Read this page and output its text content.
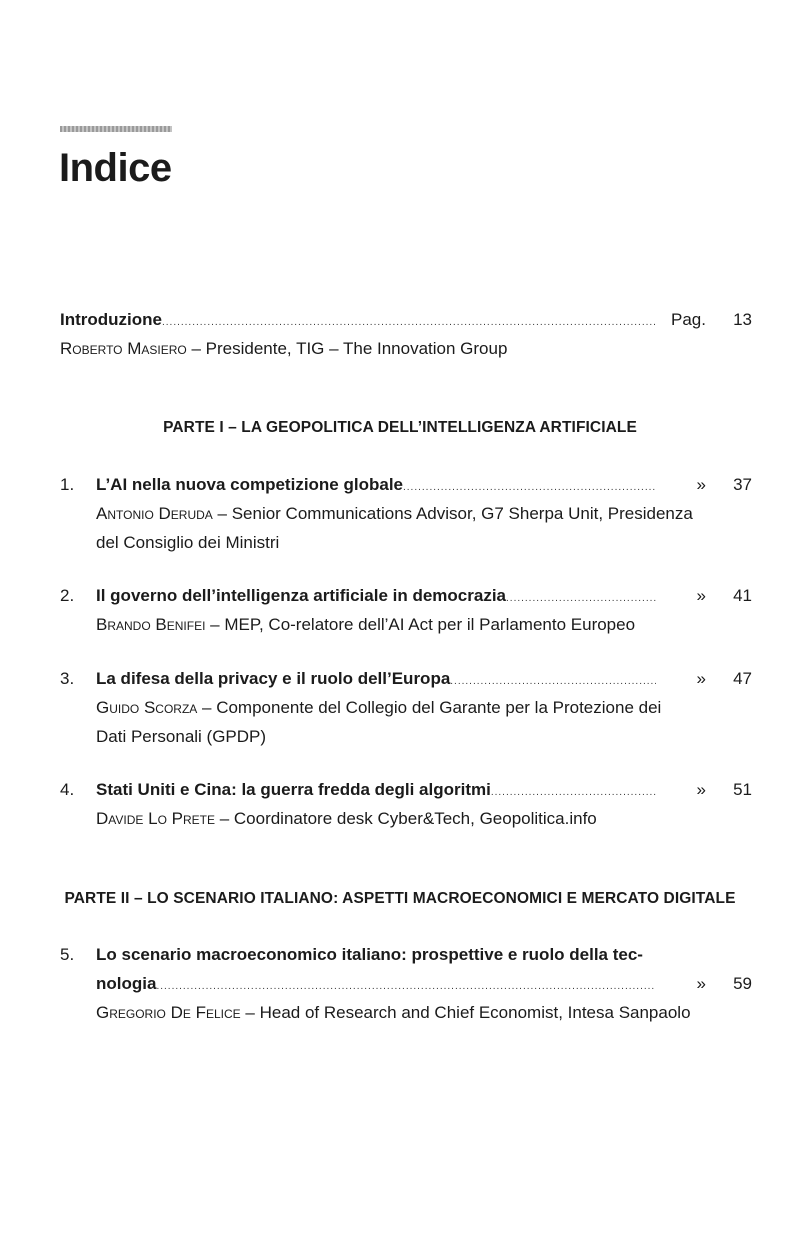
Indice
Introduzione .....	Pag. 13
Roberto Masiero – Presidente, TIG – The Innovation Group
PARTE I – LA GEOPOLITICA DELL’INTELLIGENZA ARTIFICIALE
1.	L’AI nella nuova competizione globale .....	» 37
Antonio Deruda – Senior Communications Advisor, G7 Sherpa Unit, Presidenza del Consiglio dei Ministri
2.	Il governo dell’intelligenza artificiale in democrazia .....	» 41
Brando Benifei – MEP, Co-relatore dell’AI Act per il Parlamento Europeo
3.	La difesa della privacy e il ruolo dell’Europa .....	» 47
Guido Scorza – Componente del Collegio del Garante per la Protezione dei Dati Personali (GPDP)
4.	Stati Uniti e Cina: la guerra fredda degli algoritmi .....	» 51
Davide Lo Prete – Coordinatore desk Cyber&Tech, Geopolitica.info
PARTE II – LO SCENARIO ITALIANO: ASPETTI MACROECONOMICI E MERCATO DIGITALE
5.	Lo scenario macroeconomico italiano: prospettive e ruolo della tec-
nologia .....	» 59
Gregorio De Felice – Head of Research and Chief Economist, Intesa Sanpaolo
